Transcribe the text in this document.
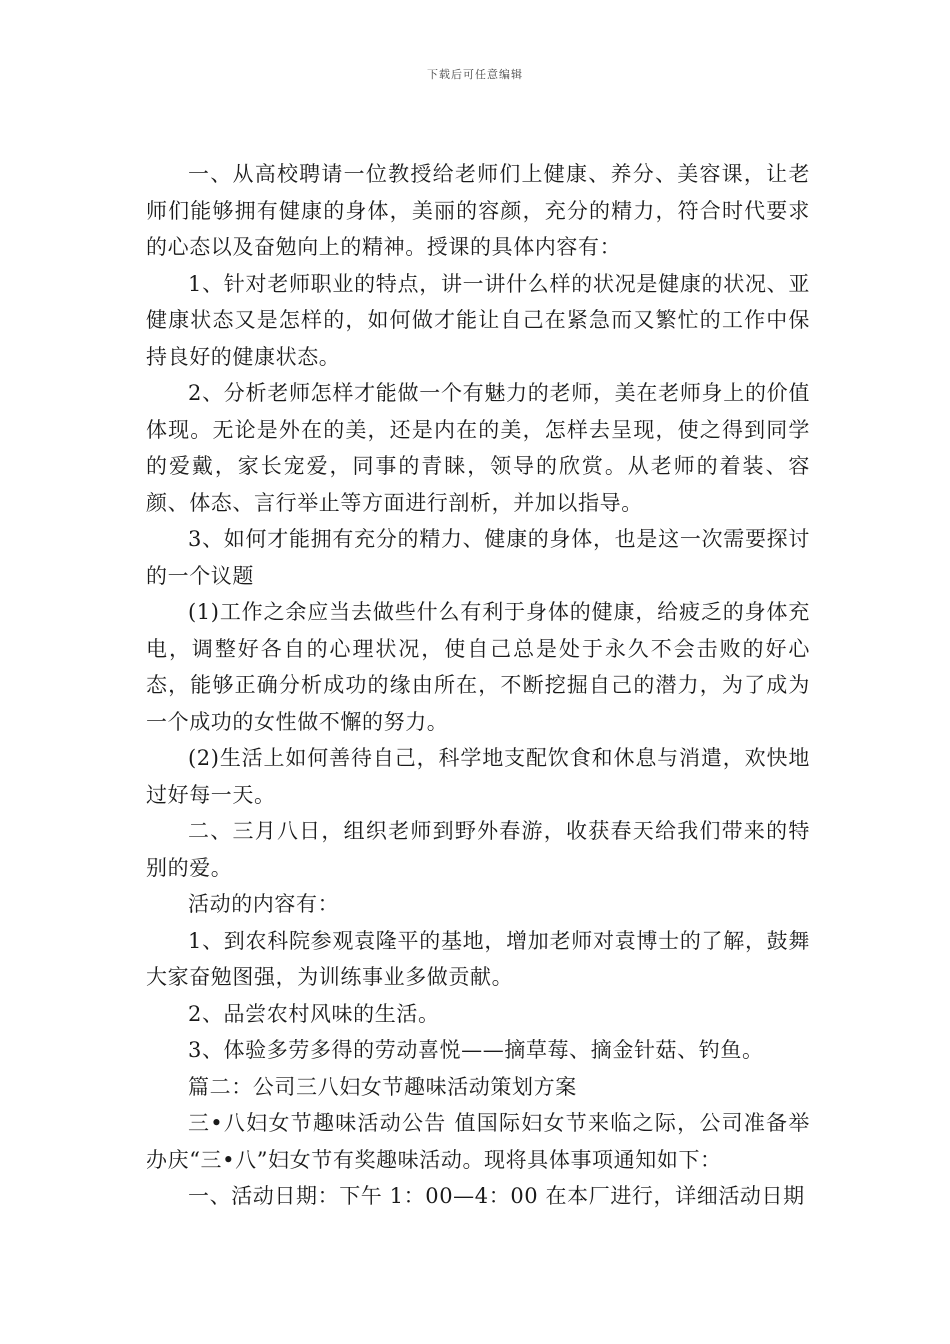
下载后可任意编辑

一、从高校聘请一位教授给老师们上健康、养分、美容课，让老师们能够拥有健康的身体，美丽的容颜，充分的精力，符合时代要求的心态以及奋勉向上的精神。授课的具体内容有：

1、针对老师职业的特点，讲一讲什么样的状况是健康的状况、亚健康状态又是怎样的，如何做才能让自己在紧急而又繁忙的工作中保持良好的健康状态。

2、分析老师怎样才能做一个有魅力的老师，美在老师身上的价值体现。无论是外在的美，还是内在的美，怎样去呈现，使之得到同学的爱戴，家长宠爱，同事的青睐，领导的欣赏。从老师的着装、容颜、体态、言行举止等方面进行剖析，并加以指导。

3、如何才能拥有充分的精力、健康的身体，也是这一次需要探讨的一个议题

(1)工作之余应当去做些什么有利于身体的健康，给疲乏的身体充电，调整好各自的心理状况，使自己总是处于永久不会击败的好心态，能够正确分析成功的缘由所在，不断挖掘自己的潜力，为了成为一个成功的女性做不懈的努力。

(2)生活上如何善待自己，科学地支配饮食和休息与消遣，欢快地过好每一天。

二、三月八日，组织老师到野外春游，收获春天给我们带来的特别的爱。

活动的内容有：

1、到农科院参观袁隆平的基地，增加老师对袁博士的了解，鼓舞大家奋勉图强，为训练事业多做贡献。

2、品尝农村风味的生活。

3、体验多劳多得的劳动喜悦——摘草莓、摘金针菇、钓鱼。

篇二：公司三八妇女节趣味活动策划方案

三•八妇女节趣味活动公告 值国际妇女节来临之际，公司准备举办庆“三•八”妇女节有奖趣味活动。现将具体事项通知如下：

一、活动日期：下午 1：00—4：00 在本厂进行，详细活动日期
